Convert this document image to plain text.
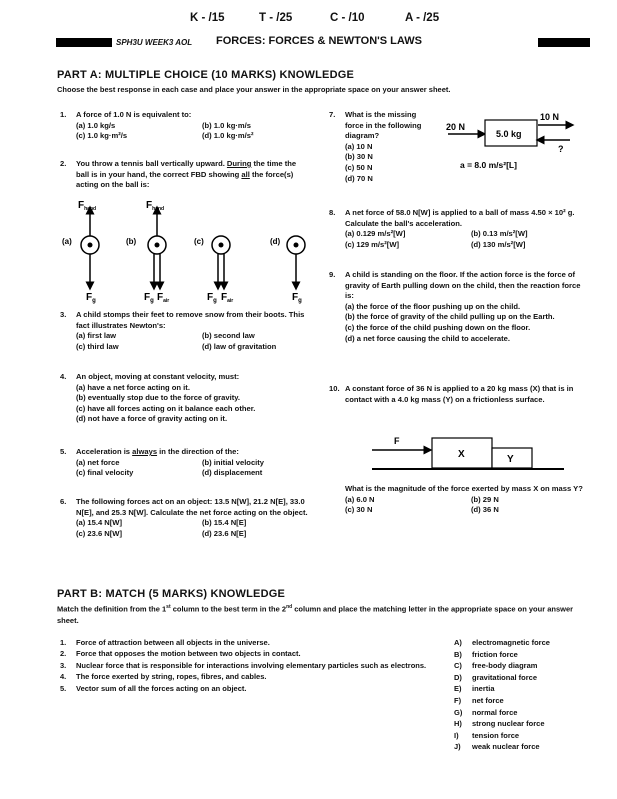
K - /15	T - /25	C - /10	A - /25
SPH3U WEEK3 AOL FORCES: FORCES & NEWTON'S LAWS
PART A: MULTIPLE CHOICE (10 MARKS) KNOWLEDGE
Choose the best response in each case and place your answer in the appropriate space on your answer sheet.
1. A force of 1.0 N is equivalent to:
(a) 1.0 kg/s	(b) 1.0 kg·m/s
(c) 1.0 kg·m²/s	(d) 1.0 kg·m/s²
2. You throw a tennis ball vertically upward. During the time the ball is in your hand, the correct FBD showing all the force(s) acting on the ball is:
(a)
$F_{hand}$
$F_g$
(b)
$F_{hand}$
$F_g$ $F_{air}$
(c)
$F_g$ $F_{air}$
(d)
$F_g$
3. A child stomps their feet to remove snow from their boots. This fact illustrates Newton's:
(a) first law	(b) second law
(c) third law	(d) law of gravitation
4. An object, moving at constant velocity, must:
(a) have a net force acting on it.
(b) eventually stop due to the force of gravity.
(c) have all forces acting on it balance each other.
(d) not have a force of gravity acting on it.
5. Acceleration is always in the direction of the:
(a) net force	(b) initial velocity
(c) final velocity	(d) displacement
6. The following forces act on an object: 13.5 N[W], 21.2 N[E], 33.0 N[E], and 25.3 N[W]. Calculate the net force acting on the object.
(a) 15.4 N[W]	(b) 15.4 N[E]
(c) 23.6 N[W]	(d) 23.6 N[E]
7. What is the missing force in the following diagram?
(a) 10 N
(b) 30 N
(c) 50 N
(d) 70 N
20 N
5.0 kg
10 N
?
a = 8.0 m/s²[L]
8. A net force of 58.0 N[W] is applied to a ball of mass 4.50 × 10² g. Calculate the ball's acceleration.
(a) 0.129 m/s²[W]	(b) 0.13 m/s²[W]
(c) 129 m/s²[W]	(d) 130 m/s²[W]
9. A child is standing on the floor. If the action force is the force of gravity of Earth pulling down on the child, then the reaction force is:
(a) the force of the floor pushing up on the child.
(b) the force of gravity of the child pulling up on the Earth.
(c) the force of the child pushing down on the floor.
(d) a net force causing the child to accelerate.
10. A constant force of 36 N is applied to a 20 kg mass (X) that is in contact with a 4.0 kg mass (Y) on a frictionless surface.
F
X	Y
What is the magnitude of the force exerted by mass X on mass Y?
(a) 6.0 N	(b) 29 N
(c) 30 N	(d) 36 N
PART B: MATCH (5 MARKS) KNOWLEDGE
Match the definition from the 1st column to the best term in the 2nd column and place the matching letter in the appropriate space on your answer sheet.
1. Force of attraction between all objects in the universe.
2. Force that opposes the motion between two objects in contact.
3. Nuclear force that is responsible for interactions involving elementary particles such as electrons.
4. The force exerted by string, ropes, fibres, and cables.
5. Vector sum of all the forces acting on an object.
A) electromagnetic force
B) friction force
C) free-body diagram
D) gravitational force
E) inertia
F) net force
G) normal force
H) strong nuclear force
I) tension force
J) weak nuclear force
